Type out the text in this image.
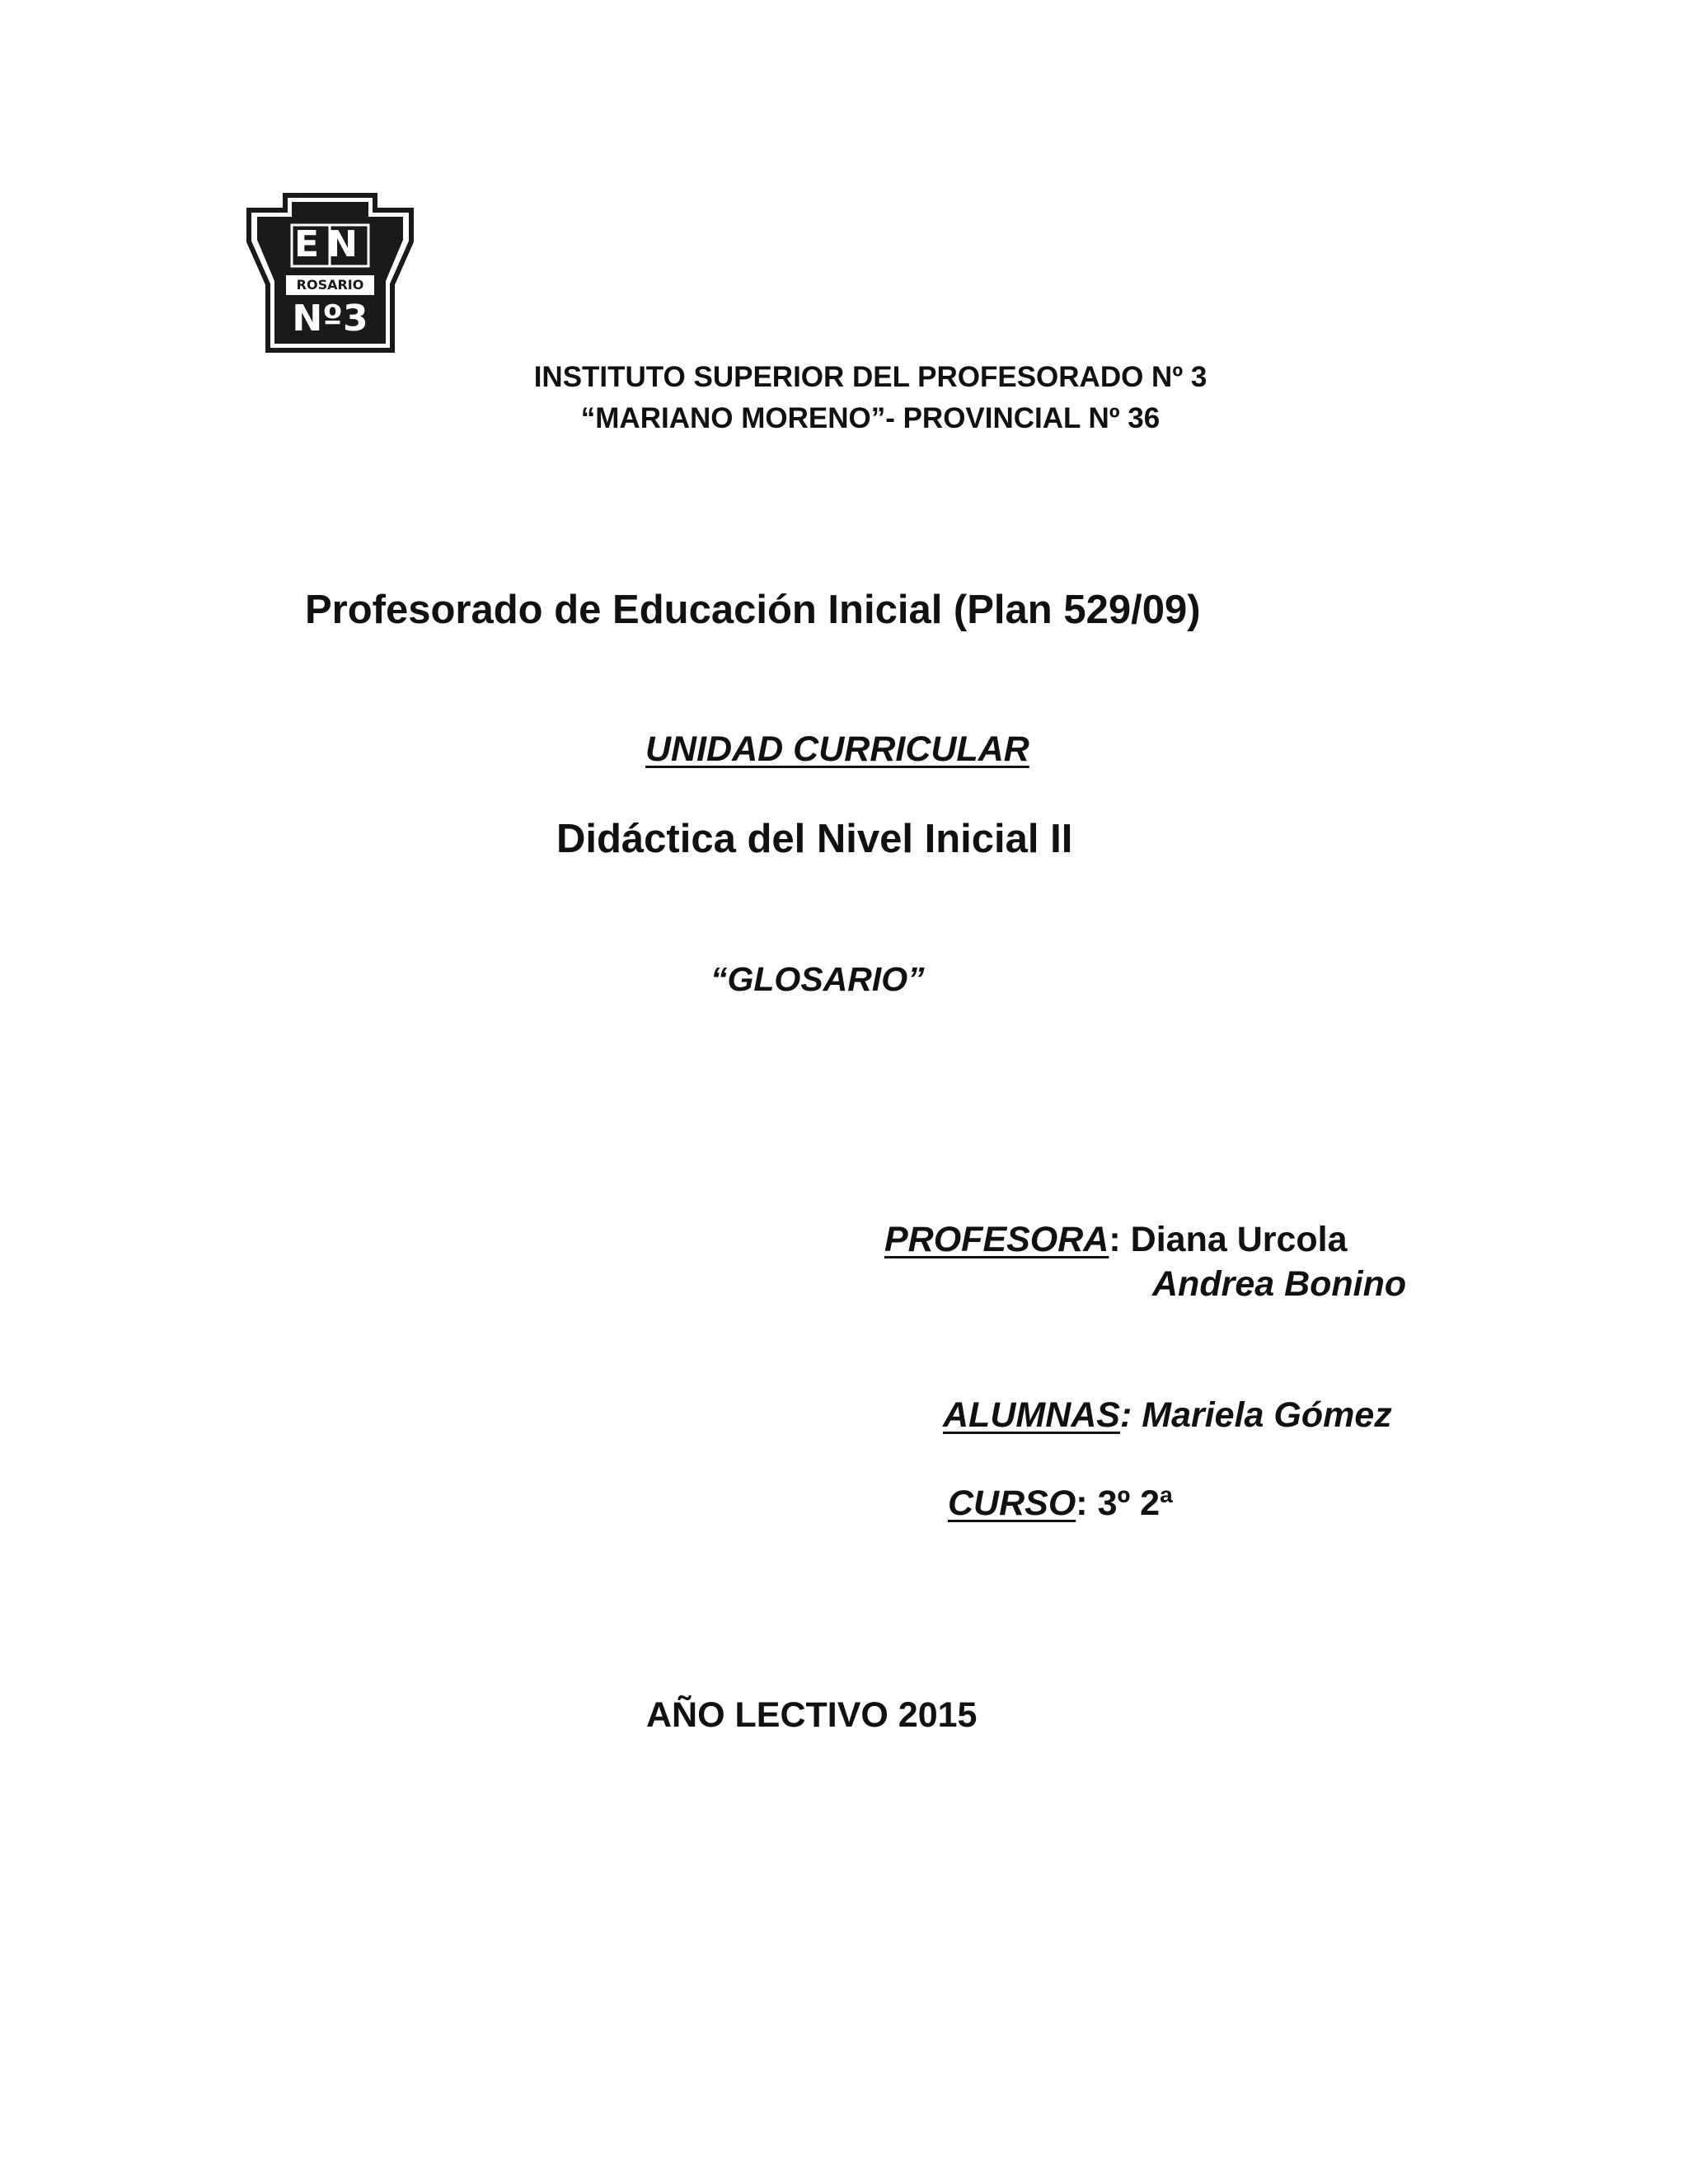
EN
ROSARIO
Nº3
INSTITUTO SUPERIOR DEL PROFESORADO Nº 3
“MARIANO MORENO”- PROVINCIAL Nº 36
Profesorado de Educación Inicial (Plan 529/09)
UNIDAD CURRICULAR
Didáctica del Nivel Inicial II
“GLOSARIO”
PROFESORA: Diana Urcola
Andrea Bonino
ALUMNAS: Mariela Gómez
CURSO: 3º 2ª
AÑO LECTIVO 2015
